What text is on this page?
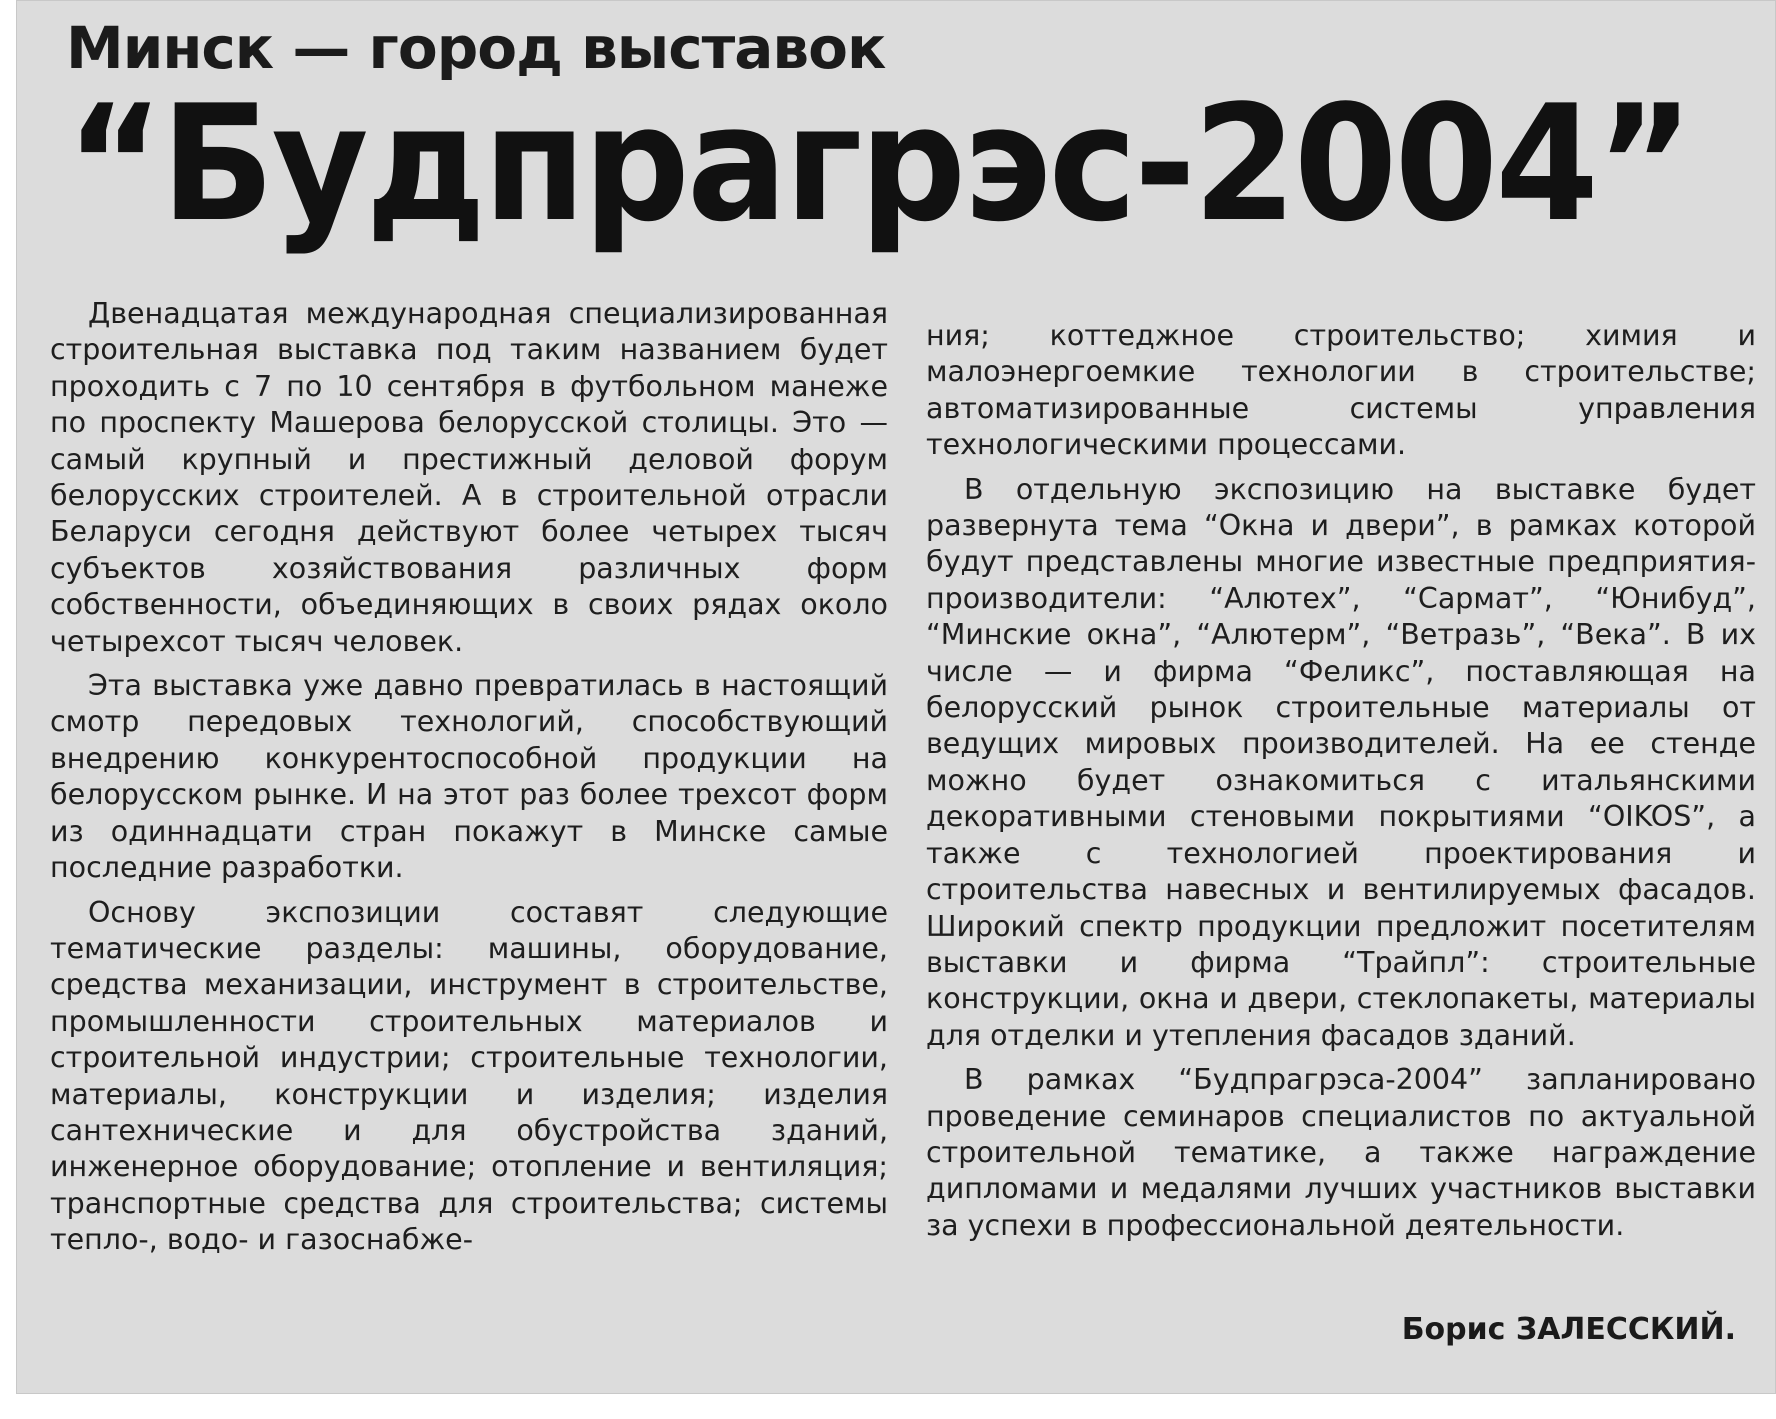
Минск — город выставок
“Будпрагрэс-2004”

Двенадцатая международная специализированная строительная выставка под таким названием будет проходить с 7 по 10 сентября в футбольном манеже по проспекту Машерова белорусской столицы. Это — самый крупный и престижный деловой форум белорусских строителей. А в строительной отрасли Беларуси сегодня действуют более четырех тысяч субъектов хозяйствования различных форм собственности, объединяющих в своих рядах около четырехсот тысяч человек.

Эта выставка уже давно превратилась в настоящий смотр передовых технологий, способствующий внедрению конкурентоспособной продукции на белорусском рынке. И на этот раз более трехсот форм из одиннадцати стран покажут в Минске самые последние разработки.

Основу экспозиции составят следующие тематические разделы: машины, оборудование, средства механизации, инструмент в строительстве, промышленности строительных материалов и строительной индустрии; строительные технологии, материалы, конструкции и изделия; изделия сантехнические и для обустройства зданий, инженерное оборудование; отопление и вентиляция; транспортные средства для строительства; системы тепло-, водо- и газоснабже-

ния; коттеджное строительство; химия и малоэнергоемкие технологии в строительстве; автоматизированные системы управления технологическими процессами.

В отдельную экспозицию на выставке будет развернута тема “Окна и двери”, в рамках которой будут представлены многие известные предприятия-производители: “Алютех”, “Сармат”, “Юнибуд”, “Минские окна”, “Алютерм”, “Ветразь”, “Века”. В их числе — и фирма “Феликс”, поставляющая на белорусский рынок строительные материалы от ведущих мировых производителей. На ее стенде можно будет ознакомиться с итальянскими декоративными стеновыми покрытиями “OIKOS”, а также с технологией проектирования и строительства навесных и вентилируемых фасадов. Широкий спектр продукции предложит посетителям выставки и фирма “Трайпл”: строительные конструкции, окна и двери, стеклопакеты, материалы для отделки и утепления фасадов зданий.

В рамках “Будпрагрэса-2004” запланировано проведение семинаров специалистов по актуальной строительной тематике, а также награждение дипломами и медалями лучших участников выставки за успехи в профессиональной деятельности.

Борис ЗАЛЕССКИЙ.
